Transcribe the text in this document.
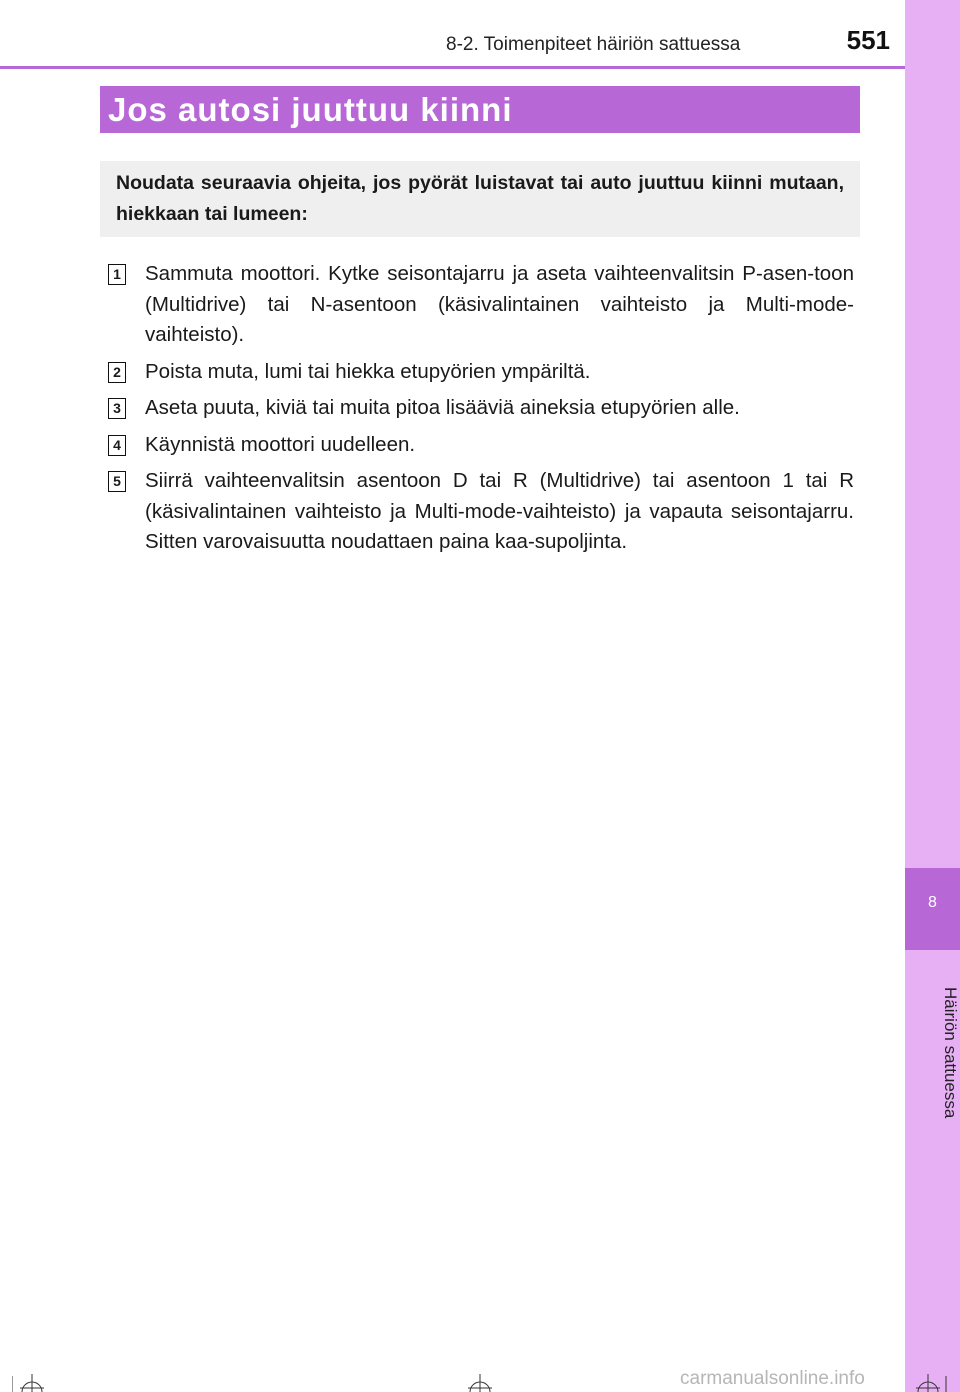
8
Häiriön sattuessa
8-2. Toimenpiteet häiriön sattuessa	551
Jos autosi juuttuu kiinni
Noudata seuraavia ohjeita, jos pyörät luistavat tai auto juuttuu kiinni mutaan, hiekkaan tai lumeen:
1 Sammuta moottori. Kytke seisontajarru ja aseta vaihteenvalitsin P-asen-toon (Multidrive) tai N-asentoon (käsivalintainen vaihteisto ja Multi-mode-vaihteisto).
2 Poista muta, lumi tai hiekka etupyörien ympäriltä.
3 Aseta puuta, kiviä tai muita pitoa lisääviä aineksia etupyörien alle.
4 Käynnistä moottori uudelleen.
5 Siirrä vaihteenvalitsin asentoon D tai R (Multidrive) tai asentoon 1 tai R (käsivalintainen vaihteisto ja Multi-mode-vaihteisto) ja vapauta seisontajarru. Sitten varovaisuutta noudattaen paina kaa-supoljinta.
carmanualsonline.info
